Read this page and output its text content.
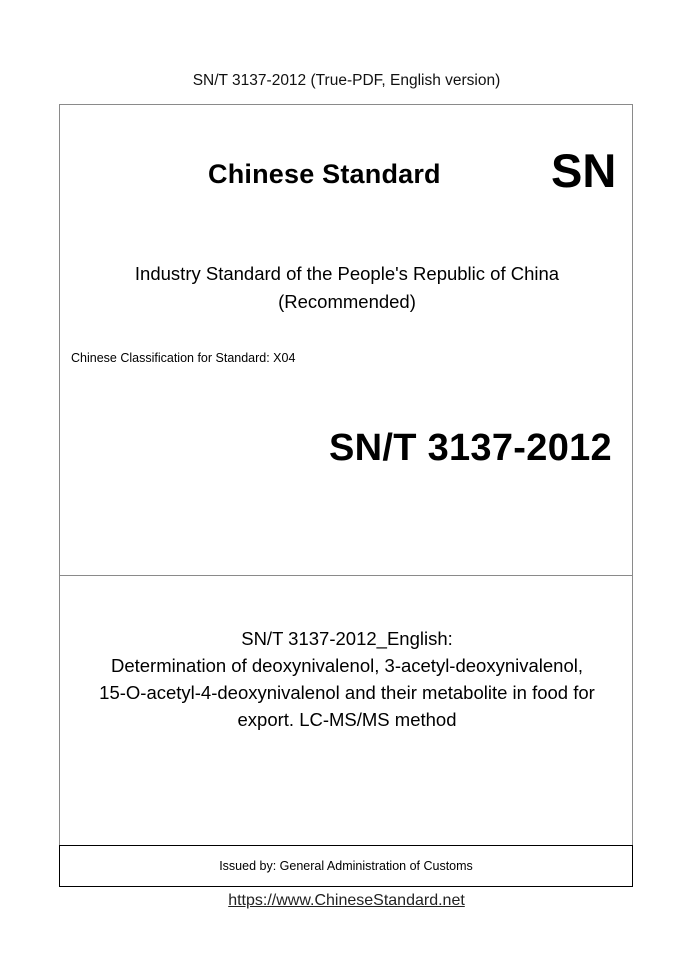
SN/T 3137-2012 (True-PDF, English version)
Chinese Standard SN
Industry Standard of the People's Republic of China
(Recommended)
Chinese Classification for Standard: X04
SN/T 3137-2012
SN/T 3137-2012_English:
Determination of deoxynivalenol, 3-acetyl-deoxynivalenol,
15-O-acetyl-4-deoxynivalenol and their metabolite in food for
export. LC-MS/MS method
Issued by: General Administration of Customs
https://www.ChineseStandard.net
